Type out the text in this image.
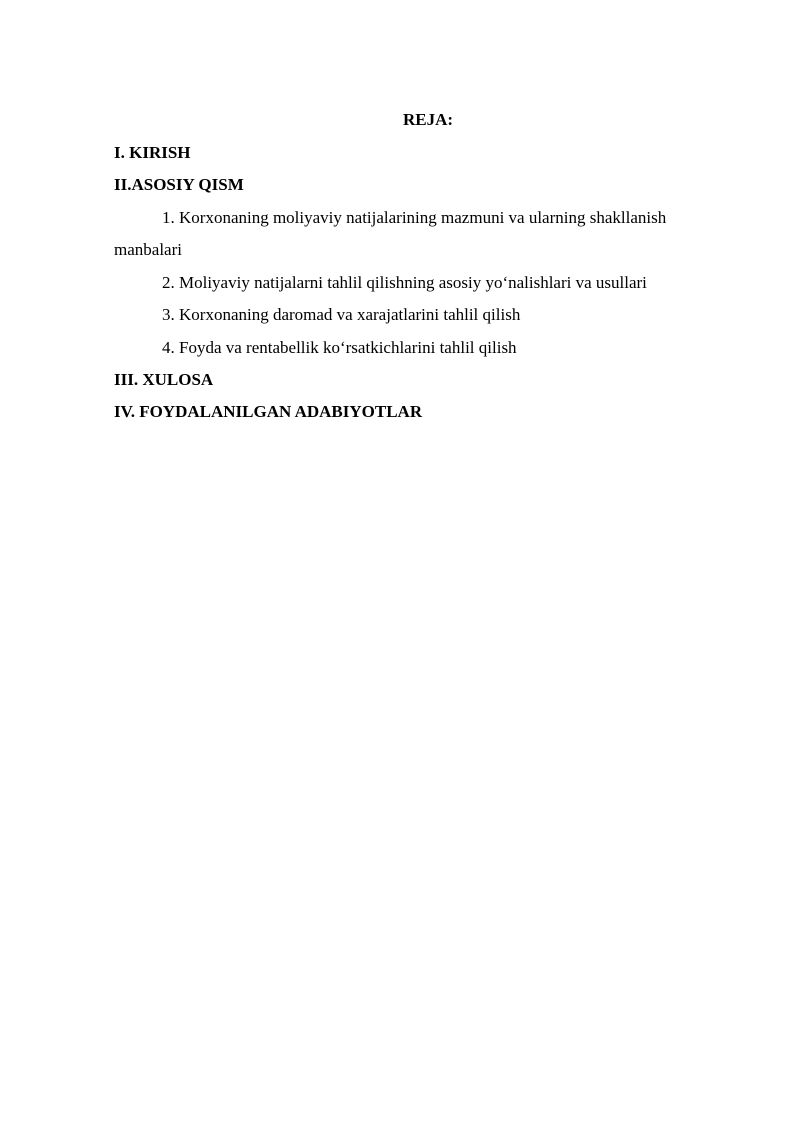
REJA:
I. KIRISH
II.ASOSIY QISM
1. Korxonaning moliyaviy natijalarining mazmuni va ularning shakllanish
manbalari
2. Moliyaviy natijalarni tahlil qilishning asosiy yo‘nalishlari va usullari
3. Korxonaning daromad va xarajatlarini tahlil qilish
4. Foyda va rentabellik ko‘rsatkichlarini tahlil qilish
III. XULOSA
IV. FOYDALANILGAN ADABIYOTLAR
